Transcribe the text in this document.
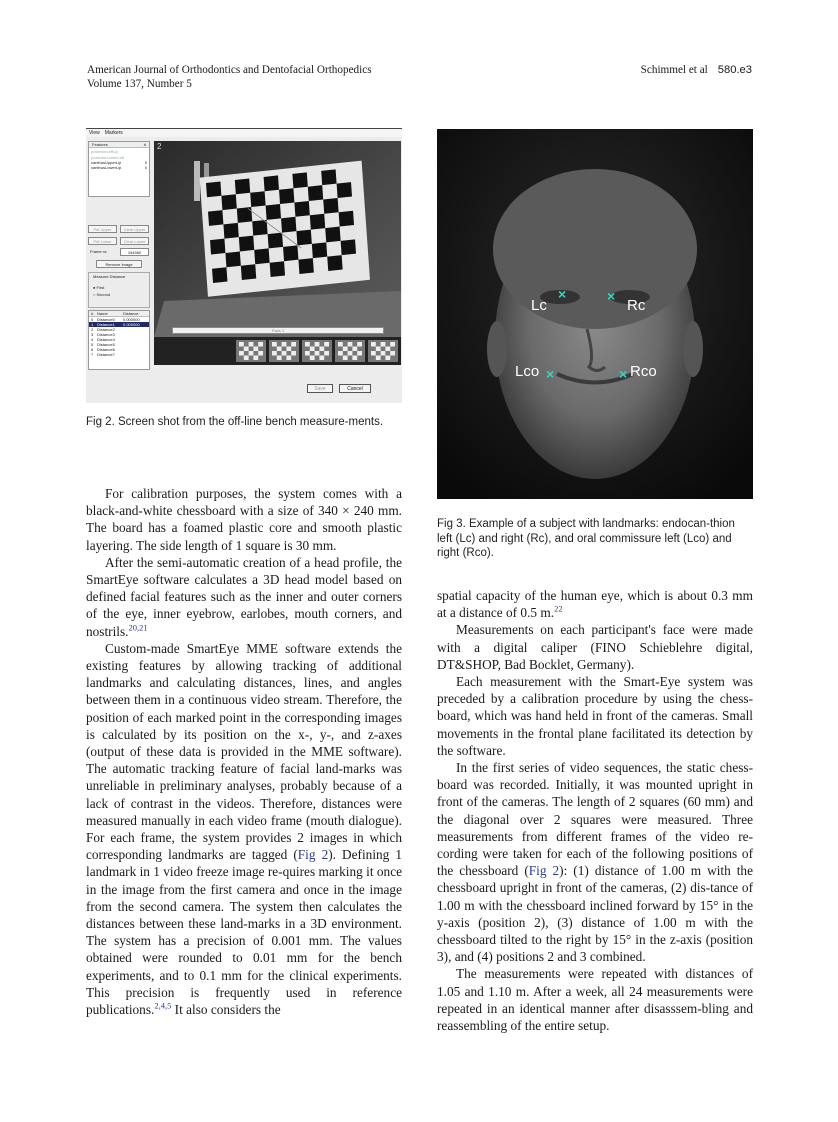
American Journal of Orthodontics and Dentofacial Orthopedics
Volume 137, Number 5
Schimmel et al 580.e3
View Markers
Features	#
posteriorLeftUp
posteriorLowerLeft
canthusUpperLip	0
canthusLowerLip	0
Pdf Upper	Clear Upper
Pdf Lower	Clear Lower
Frame nr:	194560
Remove Image
Measure Distance
● First
○ Second
# Name	Distance
0 Distance0	0.000000
1 Distance1	0.000000
2 Distance2
3 Distance3
4 Distance4
5 Distance5
6 Distance6
7 Distance7
2
Pass 1
Save	Cancel
Fig 2. Screen shot from the off-line bench measure-ments.
×	×
×	×
Lc	Rc
Lco	Rco
Fig 3. Example of a subject with landmarks: endocan-thion left (Lc) and right (Rc), and oral commissure left (Lco) and right (Rco).

For calibration purposes, the system comes with a black-and-white chessboard with a size of 340 × 240 mm. The board has a foamed plastic core and smooth plastic layering. The side length of 1 square is 30 mm.

After the semi-automatic creation of a head profile, the SmartEye software calculates a 3D head model based on defined facial features such as the inner and outer corners of the eye, inner eyebrow, earlobes, mouth corners, and nostrils.$^{20,21}$

Custom-made SmartEye MME software extends the existing features by allowing tracking of additional landmarks and calculating distances, lines, and angles between them in a continuous video stream. Therefore, the position of each marked point in the corresponding images is calculated by its position on the x-, y-, and z-axes (output of these data is provided in the MME software). The automatic tracking feature of facial land-marks was unreliable in preliminary analyses, probably because of a lack of contrast in the videos. Therefore, distances were measured manually in each video frame (mouth dialogue). For each frame, the system provides 2 images in which corresponding landmarks are tagged (Fig 2). Defining 1 landmark in 1 video freeze image re-quires marking it once in the image from the first camera and once in the image from the second camera. The system then calculates the distances between these land-marks in a 3D environment. The system has a precision of 0.001 mm. The values obtained were rounded to 0.01 mm for the bench experiments, and to 0.1 mm for the clinical experiments. This precision is frequently used in reference publications.$^{2,4,5}$ It also considers the

spatial capacity of the human eye, which is about 0.3 mm at a distance of 0.5 m.$^{22}$

Measurements on each participant's face were made with a digital caliper (FINO Schieblehre digital, DT&SHOP, Bad Bocklet, Germany).

Each measurement with the Smart-Eye system was preceded by a calibration procedure by using the chess-board, which was hand held in front of the cameras. Small movements in the frontal plane facilitated its detection by the software.

In the first series of video sequences, the static chess-board was recorded. Initially, it was mounted upright in front of the cameras. The length of 2 squares (60 mm) and the diagonal over 2 squares were measured. Three measurements from different frames of the video re-cording were taken for each of the following positions of the chessboard (Fig 2): (1) distance of 1.00 m with the chessboard upright in front of the cameras, (2) dis-tance of 1.00 m with the chessboard inclined forward by 15° in the y-axis (position 2), (3) distance of 1.00 m with the chessboard tilted to the right by 15° in the z-axis (position 3), and (4) positions 2 and 3 combined.

The measurements were repeated with distances of 1.05 and 1.10 m. After a week, all 24 measurements were repeated in an identical manner after disasssem-bling and reassembling of the entire setup.
